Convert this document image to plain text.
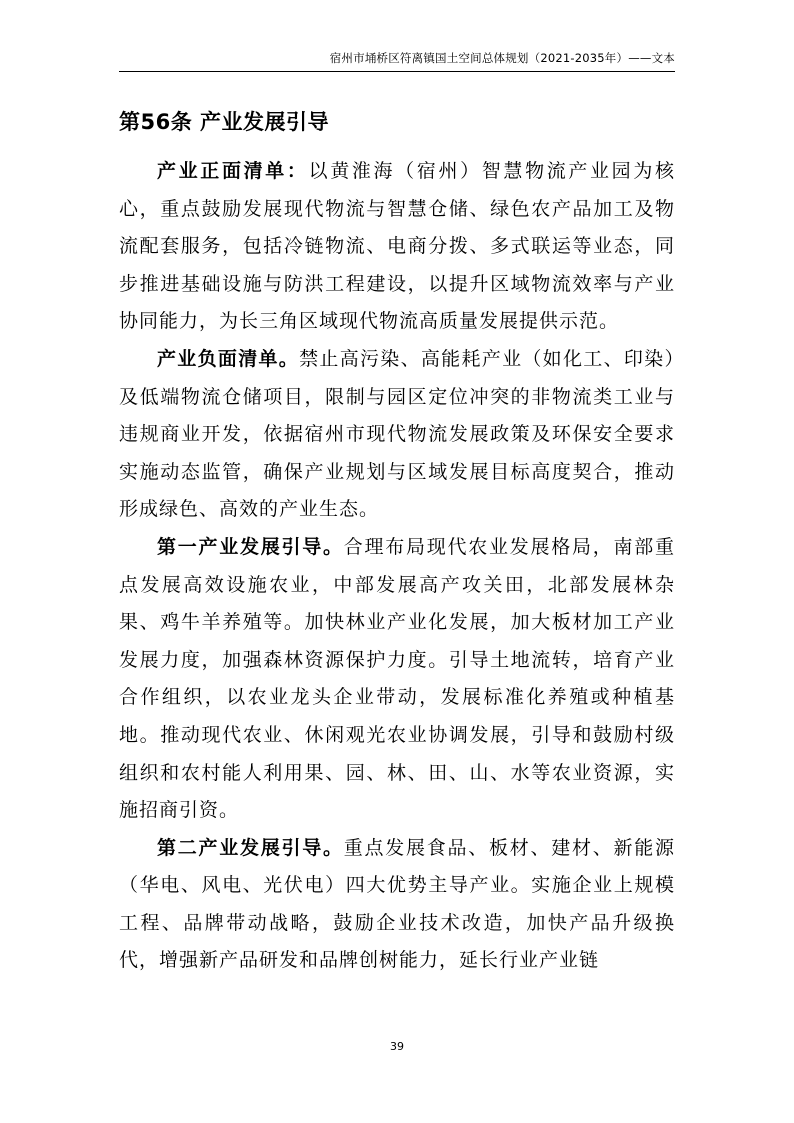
宿州市埇桥区符离镇国土空间总体规划（2021-2035年）——文本
第56条 产业发展引导

产业正面清单：以黄淮海（宿州）智慧物流产业园为核心，重点鼓励发展现代物流与智慧仓储、绿色农产品加工及物流配套服务，包括冷链物流、电商分拨、多式联运等业态，同步推进基础设施与防洪工程建设，以提升区域物流效率与产业协同能力，为长三角区域现代物流高质量发展提供示范。

产业负面清单。禁止高污染、高能耗产业（如化工、印染）及低端物流仓储项目，限制与园区定位冲突的非物流类工业与违规商业开发，依据宿州市现代物流发展政策及环保安全要求实施动态监管，确保产业规划与区域发展目标高度契合，推动形成绿色、高效的产业生态。

第一产业发展引导。合理布局现代农业发展格局，南部重点发展高效设施农业，中部发展高产攻关田，北部发展林杂果、鸡牛羊养殖等。加快林业产业化发展，加大板材加工产业发展力度，加强森林资源保护力度。引导土地流转，培育产业合作组织，以农业龙头企业带动，发展标准化养殖或种植基地。推动现代农业、休闲观光农业协调发展，引导和鼓励村级组织和农村能人利用果、园、林、田、山、水等农业资源，实施招商引资。

第二产业发展引导。重点发展食品、板材、建材、新能源（华电、风电、光伏电）四大优势主导产业。实施企业上规模工程、品牌带动战略，鼓励企业技术改造，加快产品升级换代，增强新产品研发和品牌创树能力，延长行业产业链

39
